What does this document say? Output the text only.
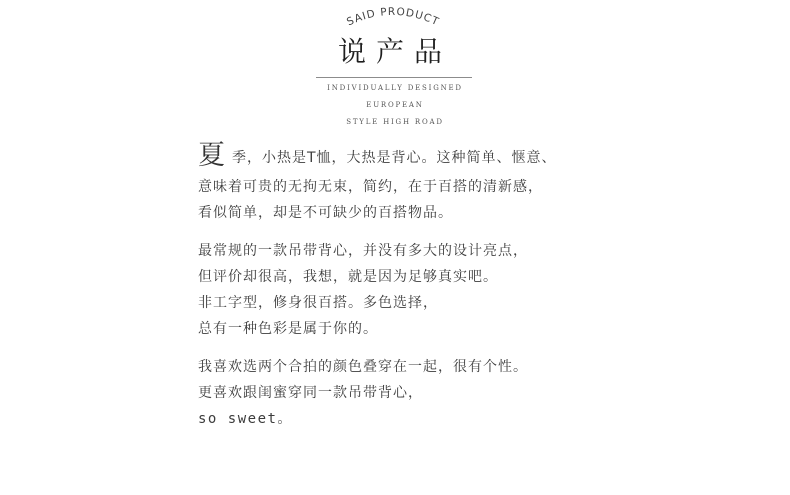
SAID PRODUCT
说产品
INDIVIDUALLY DESIGNED
EUROPEAN
STYLE HIGH ROAD
夏季，小热是T恤，大热是背心。这种简单、惬意、
意味着可贵的无拘无束，简约，在于百搭的清新感，
看似简单，却是不可缺少的百搭物品。
最常规的一款吊带背心，并没有多大的设计亮点，
但评价却很高，我想，就是因为足够真实吧。
非工字型，修身很百搭。多色选择，
总有一种色彩是属于你的。
我喜欢选两个合拍的颜色叠穿在一起，很有个性。
更喜欢跟闺蜜穿同一款吊带背心，
so sweet。
